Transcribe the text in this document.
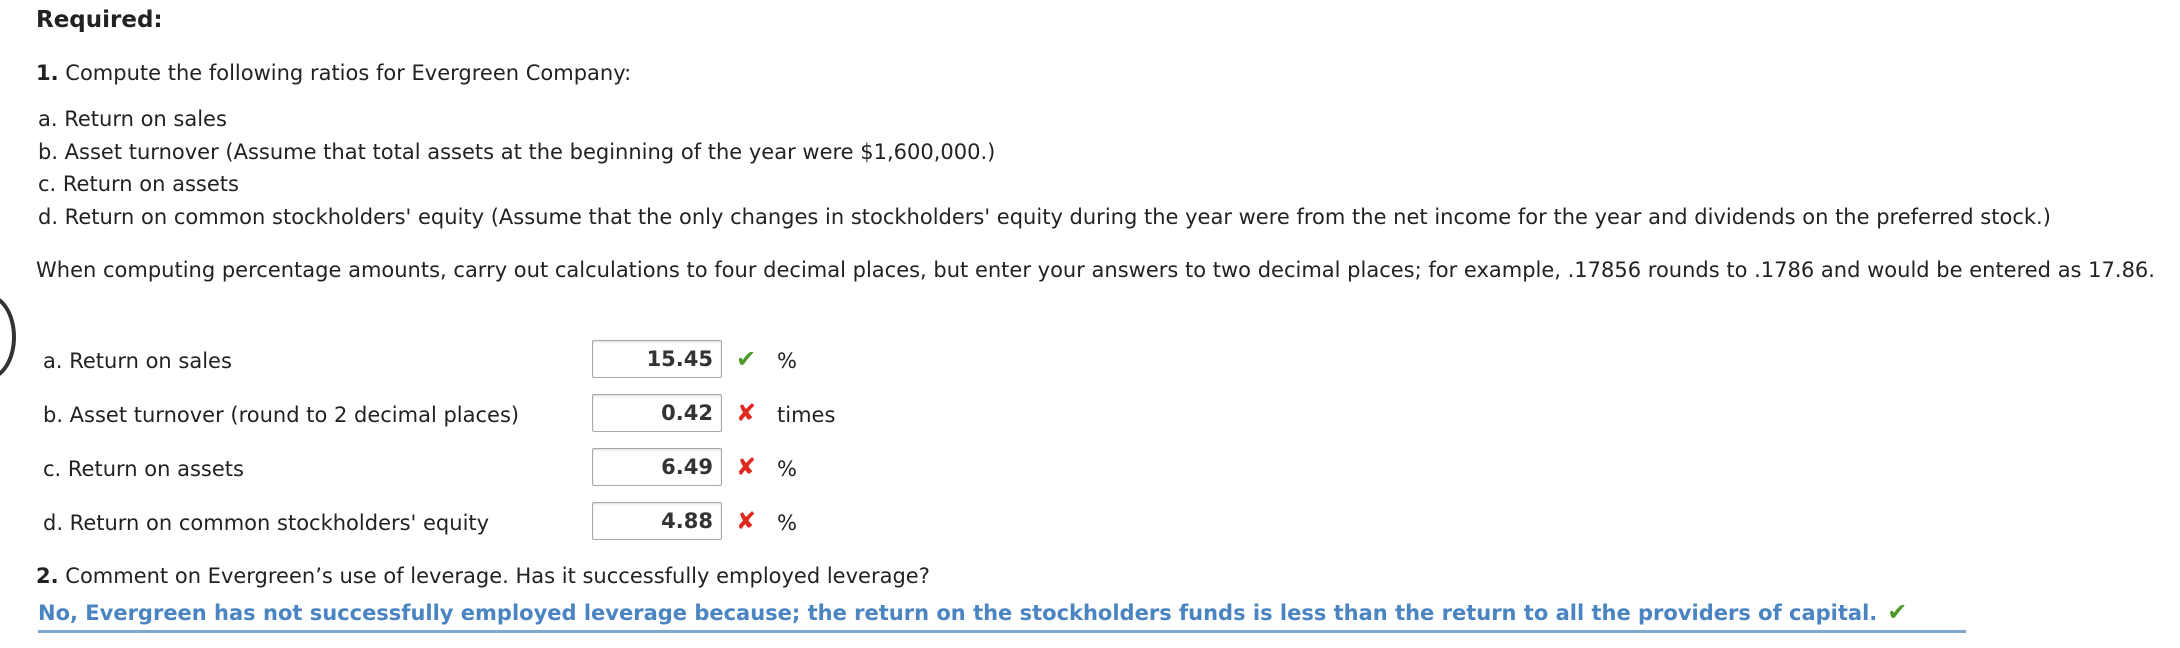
Required:
1. Compute the following ratios for Evergreen Company:
a. Return on sales
b. Asset turnover (Assume that total assets at the beginning of the year were $1,600,000.)
c. Return on assets
d. Return on common stockholders' equity (Assume that the only changes in stockholders' equity during the year were from the net income for the year and dividends on the preferred stock.)
When computing percentage amounts, carry out calculations to four decimal places, but enter your answers to two decimal places; for example, .17856 rounds to .1786 and would be entered as 17.86.
a. Return on sales
15.45	✔ %
b. Asset turnover (round to 2 decimal places)
0.42	✘ times
c. Return on assets
6.49	✘ %
d. Return on common stockholders' equity
4.88	✘ %
2. Comment on Evergreen’s use of leverage. Has it successfully employed leverage?
No, Evergreen has not successfully employed leverage because; the return on the stockholders funds is less than the return to all the providers of capital. ✔
